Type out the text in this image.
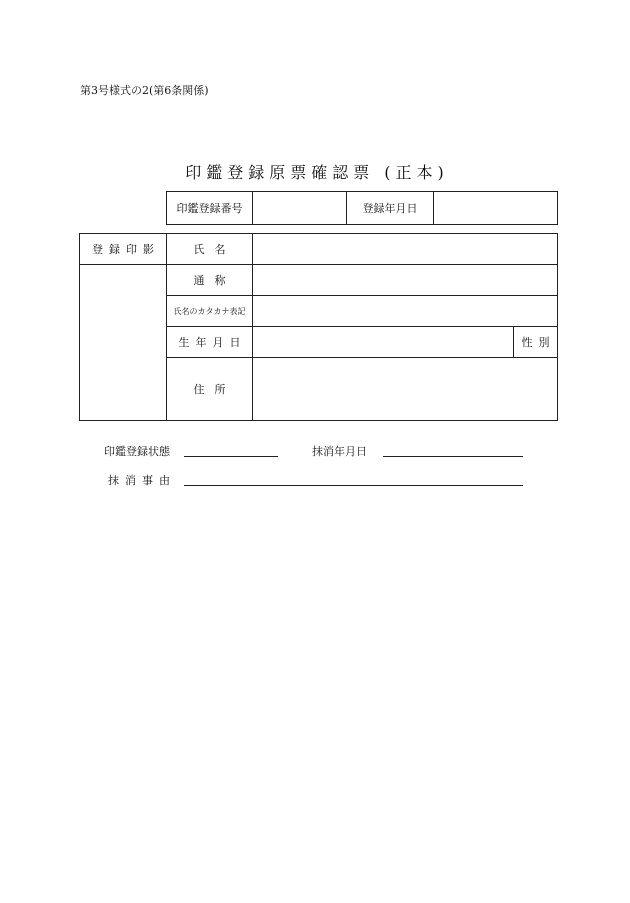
第3号様式の2(第6条関係)
印鑑登録原票確認票 (正本)
印鑑登録番号		登録年月日	
登録印影	氏名			
	通称			
	氏名のカタカナ表記			
	生年月日		性別	
	住所			
印鑑登録状態	抹消年月日
抹消事由
